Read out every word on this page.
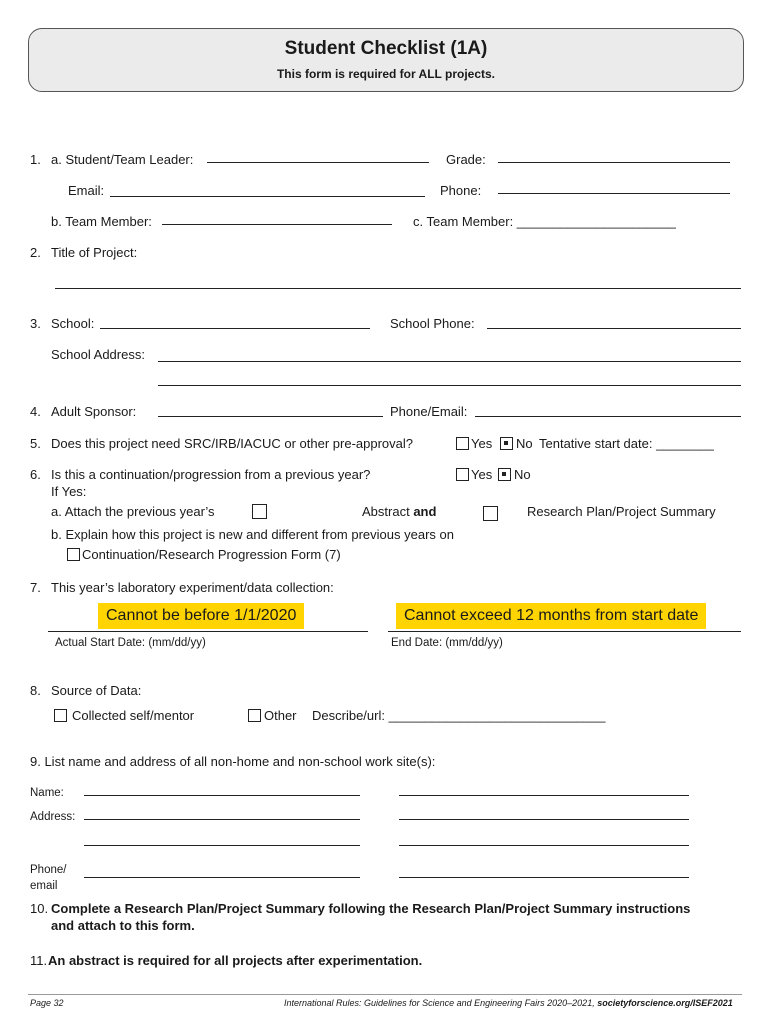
Student Checklist (1A)
This form is required for ALL projects.
1. a. Student/Team Leader:	Grade:
Email:	Phone:
b. Team Member:	c. Team Member: ______________________
2. Title of Project:
3. School:	School Phone:
School Address:
4. Adult Sponsor:	Phone/Email:
5. Does this project need SRC/IRB/IACUC or other pre-approval?	Yes No Tentative start date: ________
6. Is this a continuation/progression from a previous year?	Yes No
If Yes:
a. Attach the previous year’s	Abstract and	Research Plan/Project Summary
b. Explain how this project is new and different from previous years on
Continuation/Research Progression Form (7)
7. This year’s laboratory experiment/data collection:
Cannot be before 1/1/2020	Cannot exceed 12 months from start date
Actual Start Date: (mm/dd/yy)	End Date: (mm/dd/yy)
8. Source of Data:
Collected self/mentor	Other Describe/url: ______________________________
9. List name and address of all non-home and non-school work site(s):
Name:
Address:
Phone/
email
10. Complete a Research Plan/Project Summary following the Research Plan/Project Summary instructions
and attach to this form.
11. An abstract is required for all projects after experimentation.
Page 32	International Rules: Guidelines for Science and Engineering Fairs 2020–2021, societyforscience.org/ISEF2021
